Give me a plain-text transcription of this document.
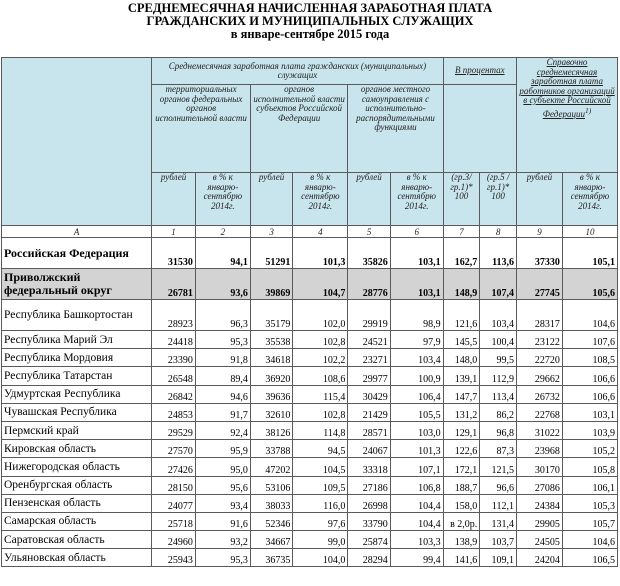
СРЕДНЕМЕСЯЧНАЯ НАЧИСЛЕННАЯ ЗАРАБОТНАЯ ПЛАТА
ГРАЖДАНСКИХ И МУНИЦИПАЛЬНЫХ СЛУЖАЩИХ
в январе-сентябре 2015 года
	Среднемесячная заработная плата гражданских (муниципальных) служащих						В процентах		Справочно среднемесячная заработная плата работников организаций в субъекте Российской Федерации$^{1)}$
	территориальных органов федеральных органов исполнительной власти		органов исполнительной власти субъектов Российской Федерации		органов местного самоуправления с исполнительно-распорядительными функциями					
	рублей	в % к январю-сентябрю 2014г.	рублей	в % к январю-сентябрю 2014г.	рублей	в % к январю-сентябрю 2014г.	(гр.3/ гр.1)* 100	(гр.5 / гр.1)* 100	рублей	в % к январю-сентябрю 2014г.
А	1	2	3	4	5	6	7	8	9	10
Российская Федерация	31530	94,1	51291	101,3	35826	103,1	162,7	113,6	37330	105,1
Приволжский федеральный округ	26781	93,6	39869	104,7	28776	103,1	148,9	107,4	27745	105,6
Республика Башкортостан	28923	96,3	35179	102,0	29919	98,9	121,6	103,4	28317	104,6
Республика Марий Эл	24418	95,3	35538	102,8	24521	97,9	145,5	100,4	23122	107,6
Республика Мордовия	23390	91,8	34618	102,2	23271	103,4	148,0	99,5	22720	108,5
Республика Татарстан	26548	89,4	36920	108,6	29977	100,9	139,1	112,9	29662	106,6
Удмуртская Республика	26842	94,6	39636	115,4	30429	106,4	147,7	113,4	26732	106,6
Чувашская Республика	24853	91,7	32610	102,8	21429	105,5	131,2	86,2	22768	103,1
Пермский край	29529	92,4	38126	114,8	28571	103,0	129,1	96,8	31022	103,9
Кировская область	27570	95,9	33788	94,5	24067	101,3	122,6	87,3	23968	105,2
Нижегородская область	27426	95,0	47202	104,5	33318	107,1	172,1	121,5	30170	105,8
Оренбургская область	28150	95,6	53106	109,5	27186	106,8	188,7	96,6	27086	106,1
Пензенская область	24077	93,4	38033	116,0	26998	104,4	158,0	112,1	24384	105,3
Самарская область	25718	91,6	52346	97,6	33790	104,4	в 2,0р.	131,4	29905	105,7
Саратовская область	24960	93,2	34667	99,0	25874	103,3	138,9	103,7	24505	104,6
Ульяновская область	25943	95,3	36735	104,0	28294	99,4	141,6	109,1	24204	106,5
